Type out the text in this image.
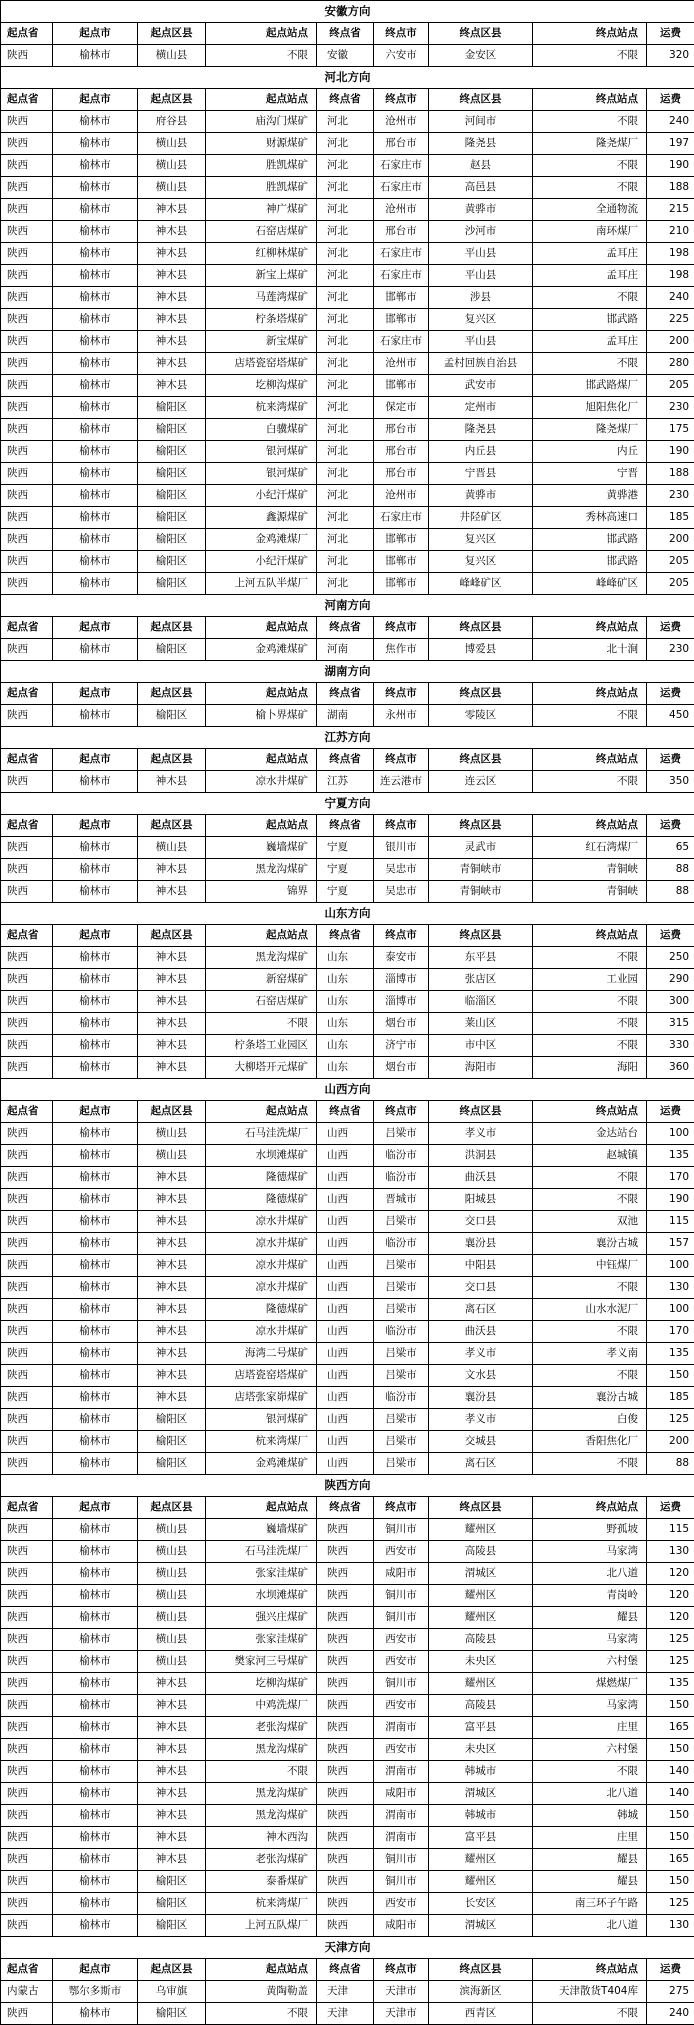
安徽方向								
起点省	起点市	起点区县	起点站点	终点省	终点市	终点区县	终点站点	运费
陕西	榆林市	横山县	不限	安徽	六安市	金安区	不限	320
河北方向								
起点省	起点市	起点区县	起点站点	终点省	终点市	终点区县	终点站点	运费
陕西	榆林市	府谷县	庙沟门煤矿	河北	沧州市	河间市	不限	240
陕西	榆林市	横山县	财源煤矿	河北	邢台市	隆尧县	隆尧煤厂	197
陕西	榆林市	横山县	胜凯煤矿	河北	石家庄市	赵县	不限	190
陕西	榆林市	横山县	胜凯煤矿	河北	石家庄市	高邑县	不限	188
陕西	榆林市	神木县	神广煤矿	河北	沧州市	黄骅市	全通物流	215
陕西	榆林市	神木县	石窑店煤矿	河北	邢台市	沙河市	南环煤厂	210
陕西	榆林市	神木县	红柳林煤矿	河北	石家庄市	平山县	孟耳庄	198
陕西	榆林市	神木县	新宝上煤矿	河北	石家庄市	平山县	孟耳庄	198
陕西	榆林市	神木县	马莲湾煤矿	河北	邯郸市	涉县	不限	240
陕西	榆林市	神木县	柠条塔煤矿	河北	邯郸市	复兴区	邯武路	225
陕西	榆林市	神木县	新宝煤矿	河北	石家庄市	平山县	孟耳庄	200
陕西	榆林市	神木县	店塔瓷窑塔煤矿	河北	沧州市	孟村回族自治县	不限	280
陕西	榆林市	神木县	圪柳沟煤矿	河北	邯郸市	武安市	邯武路煤厂	205
陕西	榆林市	榆阳区	杭来湾煤矿	河北	保定市	定州市	旭阳焦化厂	230
陕西	榆林市	榆阳区	白骥煤矿	河北	邢台市	隆尧县	隆尧煤厂	175
陕西	榆林市	榆阳区	银河煤矿	河北	邢台市	内丘县	内丘	190
陕西	榆林市	榆阳区	银河煤矿	河北	邢台市	宁晋县	宁晋	188
陕西	榆林市	榆阳区	小纪汗煤矿	河北	沧州市	黄骅市	黄骅港	230
陕西	榆林市	榆阳区	鑫源煤矿	河北	石家庄市	井陉矿区	秀林高速口	185
陕西	榆林市	榆阳区	金鸡滩煤厂	河北	邯郸市	复兴区	邯武路	200
陕西	榆林市	榆阳区	小纪汗煤矿	河北	邯郸市	复兴区	邯武路	205
陕西	榆林市	榆阳区	上河五队半煤厂	河北	邯郸市	峰峰矿区	峰峰矿区	205
河南方向								
起点省	起点市	起点区县	起点站点	终点省	终点市	终点区县	终点站点	运费
陕西	榆林市	榆阳区	金鸡滩煤矿	河南	焦作市	博爱县	北十涧	230
湖南方向								
起点省	起点市	起点区县	起点站点	终点省	终点市	终点区县	终点站点	运费
陕西	榆林市	榆阳区	榆卜界煤矿	湖南	永州市	零陵区	不限	450
江苏方向								
起点省	起点市	起点区县	起点站点	终点省	终点市	终点区县	终点站点	运费
陕西	榆林市	神木县	凉水井煤矿	江苏	连云港市	连云区	不限	350
宁夏方向								
起点省	起点市	起点区县	起点站点	终点省	终点市	终点区县	终点站点	运费
陕西	榆林市	横山县	巍墙煤矿	宁夏	银川市	灵武市	红石湾煤厂	65
陕西	榆林市	神木县	黑龙沟煤矿	宁夏	吴忠市	青铜峡市	青铜峡	88
陕西	榆林市	神木县	锦界	宁夏	吴忠市	青铜峡市	青铜峡	88
山东方向								
起点省	起点市	起点区县	起点站点	终点省	终点市	终点区县	终点站点	运费
陕西	榆林市	神木县	黑龙沟煤矿	山东	泰安市	东平县	不限	250
陕西	榆林市	神木县	新窑煤矿	山东	淄博市	张店区	工业园	290
陕西	榆林市	神木县	石窑店煤矿	山东	淄博市	临淄区	不限	300
陕西	榆林市	神木县	不限	山东	烟台市	莱山区	不限	315
陕西	榆林市	神木县	柠条塔工业园区	山东	济宁市	市中区	不限	330
陕西	榆林市	神木县	大柳塔开元煤矿	山东	烟台市	海阳市	海阳	360
山西方向								
起点省	起点市	起点区县	起点站点	终点省	终点市	终点区县	终点站点	运费
陕西	榆林市	横山县	石马洼洗煤厂	山西	吕梁市	孝义市	金达站台	100
陕西	榆林市	横山县	水坝滩煤矿	山西	临汾市	洪洞县	赵城镇	135
陕西	榆林市	神木县	隆德煤矿	山西	临汾市	曲沃县	不限	170
陕西	榆林市	神木县	隆德煤矿	山西	晋城市	阳城县	不限	190
陕西	榆林市	神木县	凉水井煤矿	山西	吕梁市	交口县	双池	115
陕西	榆林市	神木县	凉水井煤矿	山西	临汾市	襄汾县	襄汾古城	157
陕西	榆林市	神木县	凉水井煤矿	山西	吕梁市	中阳县	中钰煤厂	100
陕西	榆林市	神木县	凉水井煤矿	山西	吕梁市	交口县	不限	130
陕西	榆林市	神木县	隆德煤矿	山西	吕梁市	离石区	山水水泥厂	100
陕西	榆林市	神木县	凉水井煤矿	山西	临汾市	曲沃县	不限	170
陕西	榆林市	神木县	海湾二号煤矿	山西	吕梁市	孝义市	孝义南	135
陕西	榆林市	神木县	店塔瓷窑塔煤矿	山西	吕梁市	文水县	不限	150
陕西	榆林市	神木县	店塔张家峁煤矿	山西	临汾市	襄汾县	襄汾古城	185
陕西	榆林市	榆阳区	银河煤矿	山西	吕梁市	孝义市	白俊	125
陕西	榆林市	榆阳区	杭来湾煤厂	山西	吕梁市	交城县	香阳焦化厂	200
陕西	榆林市	榆阳区	金鸡滩煤矿	山西	吕梁市	离石区	不限	88
陕西方向								
起点省	起点市	起点区县	起点站点	终点省	终点市	终点区县	终点站点	运费
陕西	榆林市	横山县	巍墙煤矿	陕西	铜川市	耀州区	野孤坡	115
陕西	榆林市	横山县	石马洼洗煤厂	陕西	西安市	高陵县	马家湾	130
陕西	榆林市	横山县	张家洼煤矿	陕西	咸阳市	渭城区	北八道	120
陕西	榆林市	横山县	水坝滩煤矿	陕西	铜川市	耀州区	青岗岭	120
陕西	榆林市	横山县	强兴庄煤矿	陕西	铜川市	耀州区	耀县	120
陕西	榆林市	横山县	张家洼煤矿	陕西	西安市	高陵县	马家湾	125
陕西	榆林市	横山县	樊家河三号煤矿	陕西	西安市	未央区	六村堡	125
陕西	榆林市	神木县	圪柳沟煤矿	陕西	铜川市	耀州区	煤燃煤厂	135
陕西	榆林市	神木县	中鸡洗煤厂	陕西	西安市	高陵县	马家湾	150
陕西	榆林市	神木县	老张沟煤矿	陕西	渭南市	富平县	庄里	165
陕西	榆林市	神木县	黑龙沟煤矿	陕西	西安市	未央区	六村堡	150
陕西	榆林市	神木县	不限	陕西	渭南市	韩城市	不限	140
陕西	榆林市	神木县	黑龙沟煤矿	陕西	咸阳市	渭城区	北八道	140
陕西	榆林市	神木县	黑龙沟煤矿	陕西	渭南市	韩城市	韩城	150
陕西	榆林市	神木县	神木西沟	陕西	渭南市	富平县	庄里	150
陕西	榆林市	神木县	老张沟煤矿	陕西	铜川市	耀州区	耀县	165
陕西	榆林市	榆阳区	泰番煤矿	陕西	铜川市	耀州区	耀县	150
陕西	榆林市	榆阳区	杭来湾煤厂	陕西	西安市	长安区	南三环子午路	125
陕西	榆林市	榆阳区	上河五队煤厂	陕西	咸阳市	渭城区	北八道	130
天津方向								
起点省	起点市	起点区县	起点站点	终点省	终点市	终点区县	终点站点	运费
内蒙古	鄂尔多斯市	乌审旗	黄陶勒盖	天津	天津市	滨海新区	天津散货T404库	275
陕西	榆林市	榆阳区	不限	天津	天津市	西青区	不限	240
